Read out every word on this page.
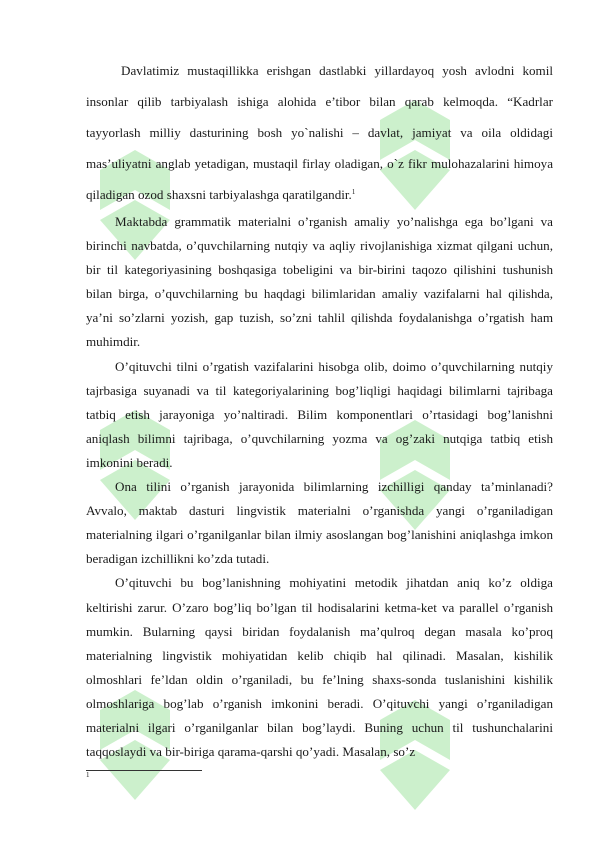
Davlatimiz mustaqillikka erishgan dastlabki yillardayoq yosh avlodni komil insonlar qilib tarbiyalash ishiga alohida e’tibor bilan qarab kelmoqda. “Kadrlar tayyorlash milliy dasturining bosh yo`nalishi – davlat, jamiyat va oila oldidagi mas’uliyatni anglab yetadigan, mustaqil firlay oladigan, o`z fikr mulohazalarini himoya qiladigan ozod shaxsni tarbiyalashga qaratilgandir.$^1$

Maktabda grammatik materialni o’rganish amaliy yo’nalishga ega bo’lgani va birinchi navbatda, o’quvchilarning nutqiy va aqliy rivojlanishiga xizmat qilgani uchun, bir til kategoriyasining boshqasiga tobeligini va bir-birini taqozo qilishini tushunish bilan birga, o’quvchilarning bu haqdagi bilimlaridan amaliy vazifalarni hal qilishda, ya’ni so’zlarni yozish, gap tuzish, so’zni tahlil qilishda foydalanishga o’rgatish ham muhimdir.

O’qituvchi tilni o’rgatish vazifalarini hisobga olib, doimo o’quvchilarning nutqiy tajrbasiga suyanadi va til kategoriyalarining bog’liqligi haqidagi bilimlarni tajribaga tatbiq etish jarayoniga yo’naltiradi. Bilim komponentlari o’rtasidagi bog’lanishni aniqlash bilimni tajribaga, o’quvchilarning yozma va og’zaki nutqiga tatbiq etish imkonini beradi.

Ona tilini o’rganish jarayonida bilimlarning izchilligi qanday ta’minlanadi? Avvalo, maktab dasturi lingvistik materialni o’rganishda yangi o’rganiladigan materialning ilgari o’rganilganlar bilan ilmiy asoslangan bog’lanishini aniqlashga imkon beradigan izchillikni ko’zda tutadi.

O’qituvchi bu bog’lanishning mohiyatini metodik jihatdan aniq ko’z oldiga keltirishi zarur. O’zaro bog’liq bo’lgan til hodisalarini ketma-ket va parallel o’rganish mumkin. Bularning qaysi biridan foydalanish ma’qulroq degan masala ko’proq materialning lingvistik mohiyatidan kelib chiqib hal qilinadi. Masalan, kishilik olmoshlari fe’ldan oldin o’rganiladi, bu fe’lning shaxs-sonda tuslanishini kishilik olmoshlariga bog’lab o’rganish imkonini beradi. O’qituvchi yangi o’rganiladigan materialni ilgari o’rganilganlar bilan bog’laydi. Buning uchun til tushunchalarini taqqoslaydi va bir-biriga qarama-qarshi qo’yadi. Masalan, so’z

1
